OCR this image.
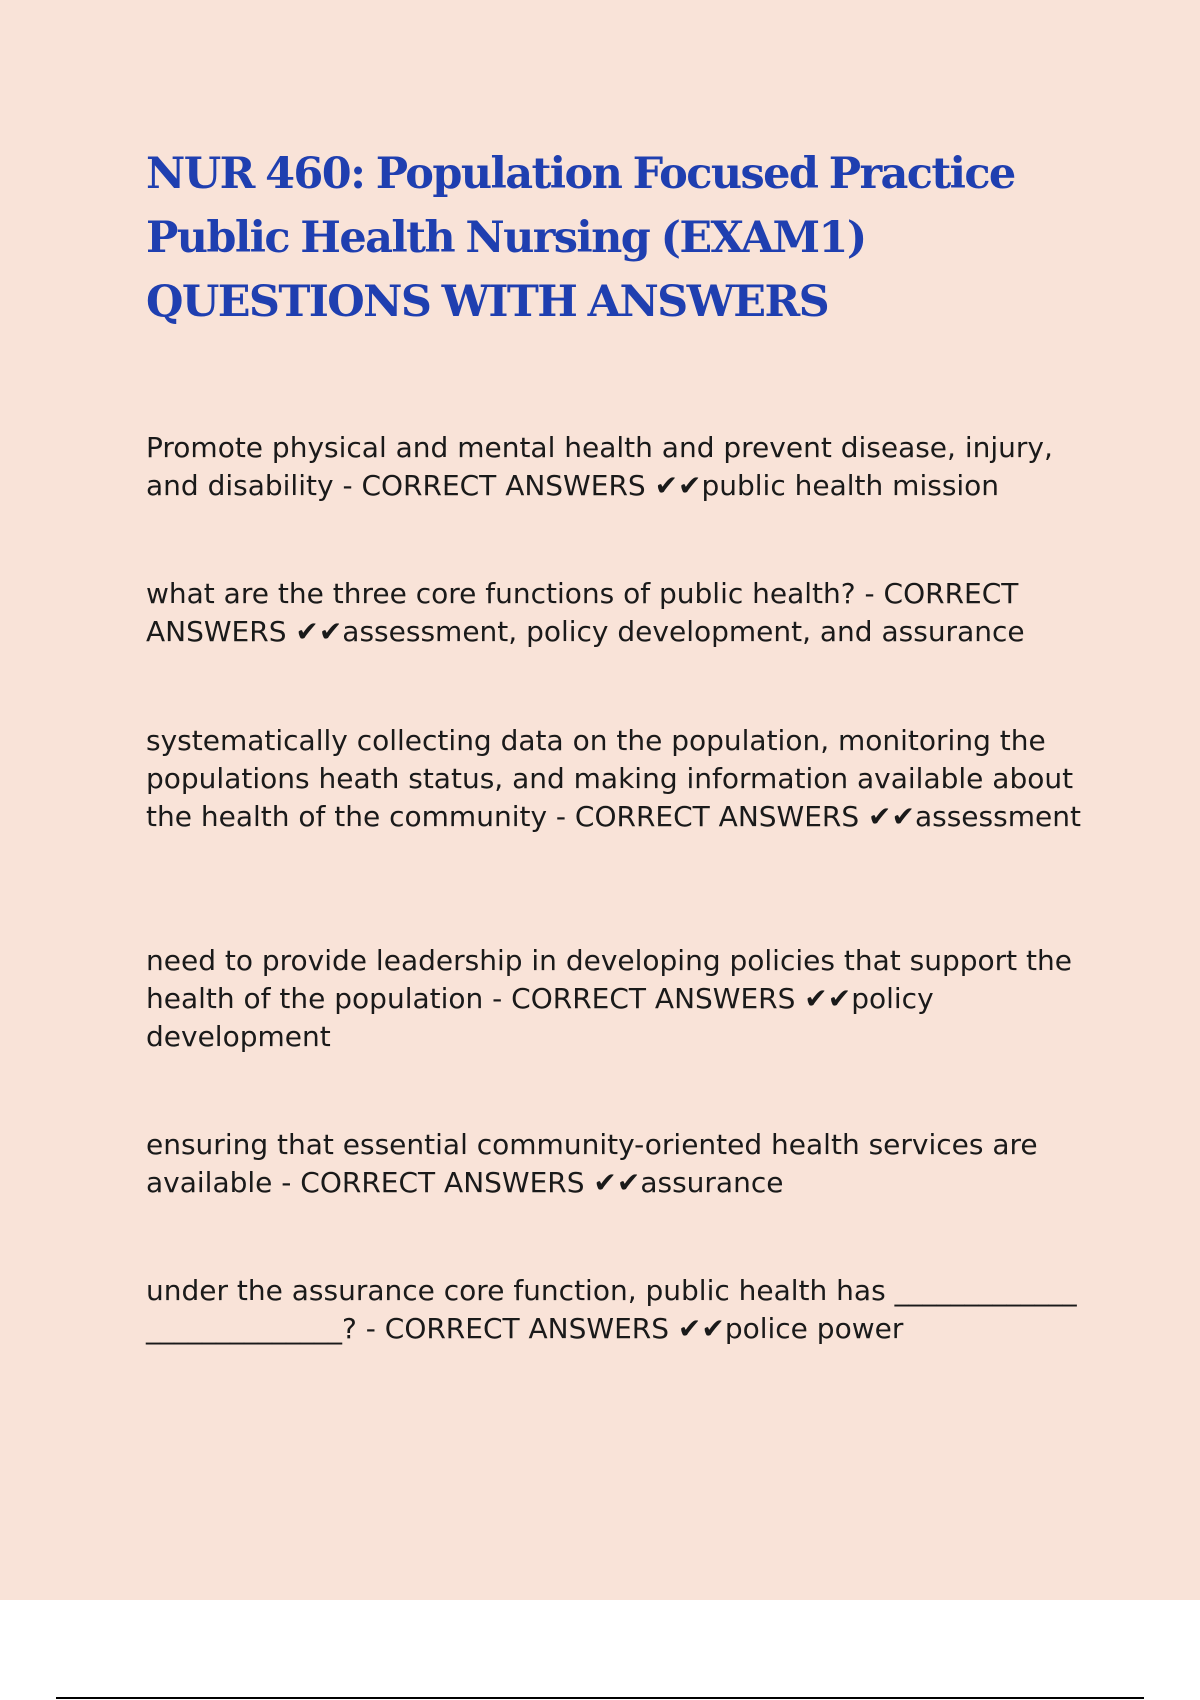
NUR 460: Population Focused Practice Public Health Nursing (EXAM1) QUESTIONS WITH ANSWERS

Promote physical and mental health and prevent disease, injury, and disability - CORRECT ANSWERS ✔✔public health mission

what are the three core functions of public health? - CORRECT ANSWERS ✔✔assessment, policy development, and assurance

systematically collecting data on the population, monitoring the populations heath status, and making information available about  the health of the community - CORRECT ANSWERS ✔✔assessment

need to provide leadership in developing policies that support the  health of the population - CORRECT ANSWERS ✔✔policy development

ensuring that essential community-oriented health services are available - CORRECT ANSWERS ✔✔assurance

under the assurance core function, public health has _____________ ______________? - CORRECT ANSWERS ✔✔police power
